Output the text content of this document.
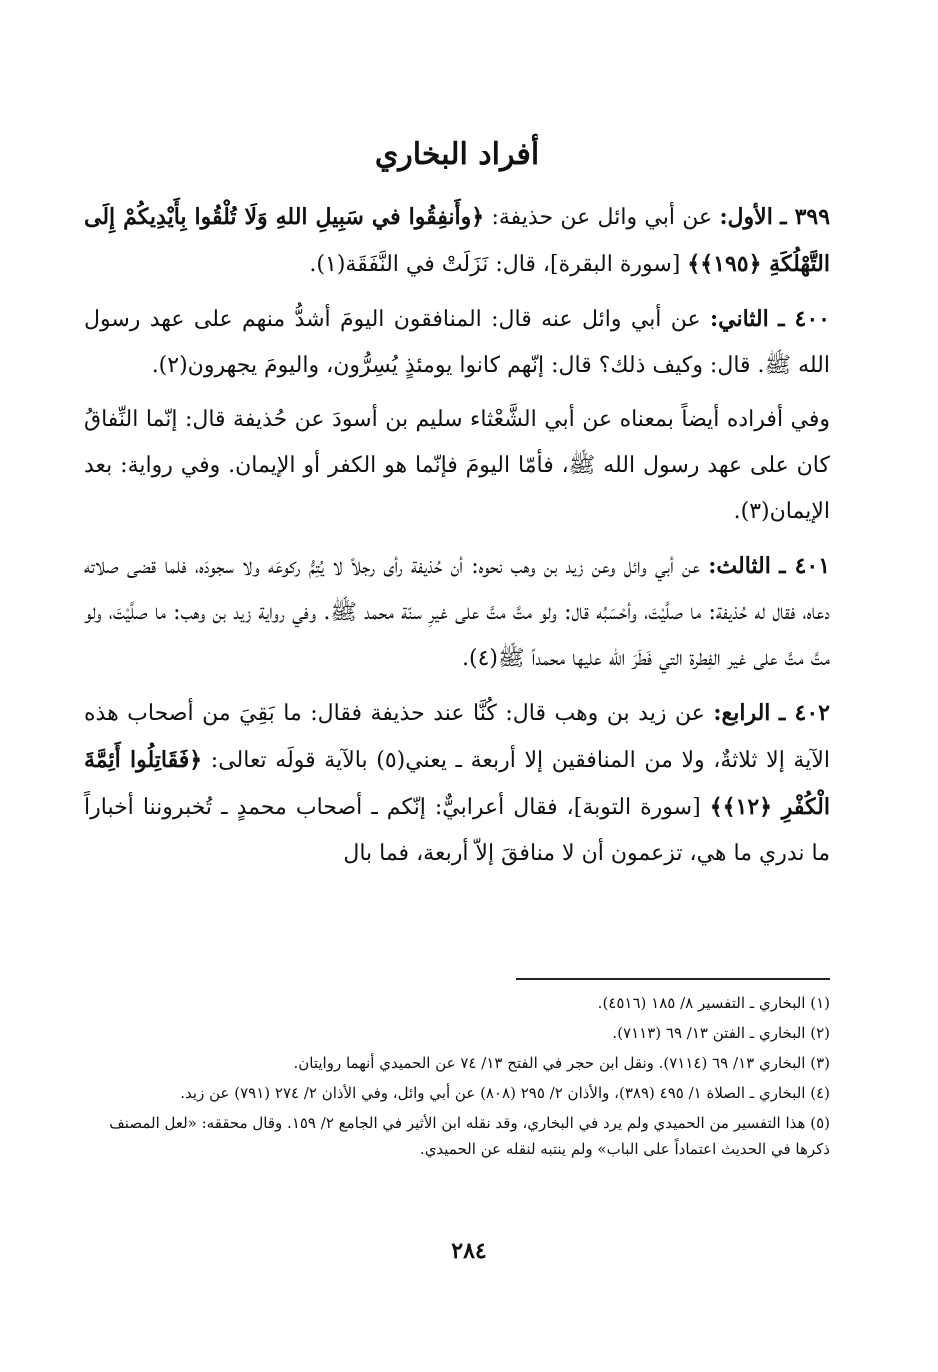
أفراد البخاري

٣٩٩ ـ الأول: عن أبي وائل عن حذيفة: ﴿وأَنفِقُوا في سَبِيلِ اللهِ وَلَا تُلْقُوا بِأَيْدِيكُمْ إِلَى التَّهْلُكَةِ ﴿١٩٥﴾﴾ [سورة البقرة]، قال: نَزَلَتْ في النَّفَقَة(١).

٤٠٠ ـ الثاني: عن أبي وائل عنه قال: المنافقون اليومَ أشدُّ منهم على عهد رسول الله ﷺ. قال: وكيف ذلك؟ قال: إنّهم كانوا يومئذٍ يُسِرُّون، واليومَ يجهرون(٢).

وفي أفراده أيضاً بمعناه عن أبي الشَّعْثاء سليم بن أسودَ عن حُذيفة قال: إنّما النِّفاقُ كان على عهد رسول الله ﷺ، فأمّا اليومَ فإنّما هو الكفر أو الإيمان. وفي رواية: بعد الإيمان(٣).

٤٠١ ـ الثالث: عن أبي وائل وعن زيد بن وهب نحوه: أن حُذيفة رأى رجلاً لا يُتِمُّ ركوعَه ولا سجودَه، فلما قضى صلاته دعاه، فقال له حُذيفة: ما صلَّيْتَ، وأحْسَبُه قال: ولو متَّ متَّ على غيرِ سنّة محمد ﷺ. وفي رواية زيد بن وهب: ما صلَّيْتَ، ولو متَّ متَّ على غير الفِطرة التي فَطَرَ الله عليها محمداً ﷺ(٤).

٤٠٢ ـ الرابع: عن زيد بن وهب قال: كُنَّا عند حذيفة فقال: ما بَقِيَ من أصحاب هذه الآية إلا ثلاثةٌ، ولا من المنافقين إلا أربعة ـ يعني(٥) بالآية قولَه تعالى: ﴿فَقَاتِلُوا أَئِمَّةَ الْكُفْرِ ﴿١٢﴾﴾ [سورة التوبة]، فقال أعرابيٌّ: إنّكم ـ أصحاب محمدٍ ـ تُخبروننا أخباراً ما ندري ما هي، تزعمون أن لا منافقَ إلاّ أربعة، فما بال

(١) البخاري ـ التفسير ٨/ ١٨٥ (٤٥١٦).
(٢) البخاري ـ الفتن ١٣/ ٦٩ (٧١١٣).
(٣) البخاري ١٣/ ٦٩ (٧١١٤). ونقل ابن حجر في الفتح ١٣/ ٧٤ عن الحميدي أنهما روايتان.
(٤) البخاري ـ الصلاة ١/ ٤٩٥ (٣٨٩)، والأذان ٢/ ٢٩٥ (٨٠٨) عن أبي وائل، وفي الأذان ٢/ ٢٧٤ (٧٩١) عن زيد.
(٥) هذا التفسير من الحميدي ولم يرد في البخاري، وقد نقله ابن الأثير في الجامع ٢/ ١٥٩. وقال محققه: «لعل المصنف ذكرها في الحديث اعتماداً على الباب» ولم ينتبه لنقله عن الحميدي.
٢٨٤
